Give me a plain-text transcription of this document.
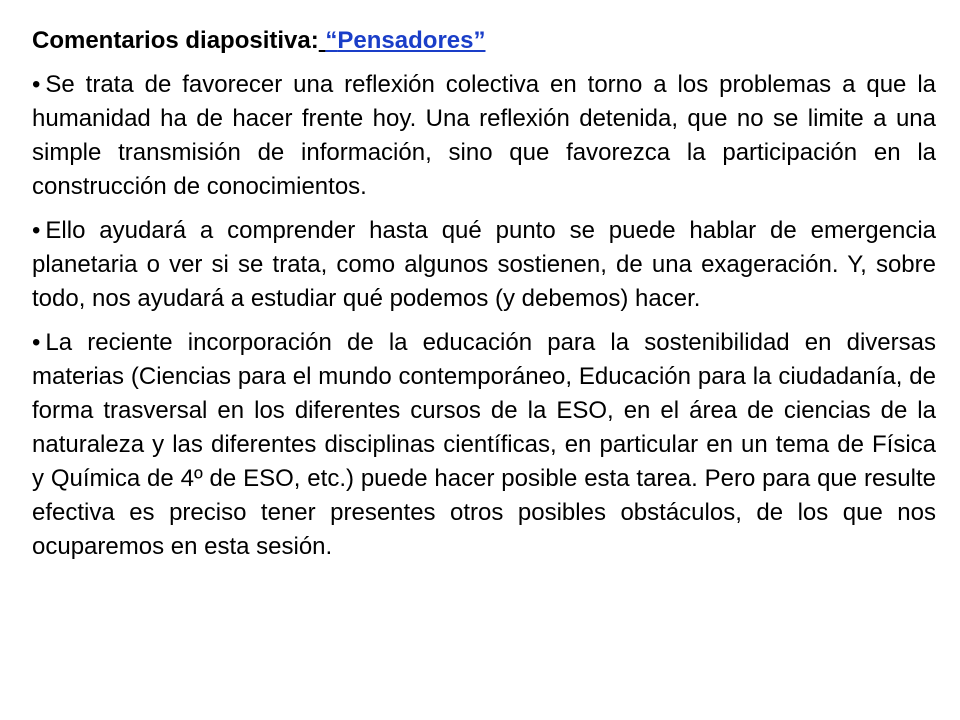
Comentarios diapositiva: “Pensadores”

• Se trata de favorecer una reflexión colectiva en torno a los problemas a que la humanidad ha de hacer frente hoy. Una reflexión detenida, que no se limite a una simple transmisión de información, sino que favorezca la participación en la construcción de conocimientos.

• Ello ayudará a comprender hasta qué punto se puede hablar de emergencia planetaria o ver si se trata, como algunos sostienen, de una exageración. Y, sobre todo, nos ayudará a estudiar qué podemos (y debemos) hacer.

• La reciente incorporación de la educación para la sostenibilidad en diversas materias (Ciencias para el mundo contemporáneo, Educación para la ciudadanía, de forma trasversal en los diferentes cursos de la ESO, en el área de ciencias de la naturaleza y las diferentes disciplinas científicas, en particular en un tema de Física y Química de 4º de ESO, etc.) puede hacer posible esta tarea. Pero para que resulte efectiva es preciso tener presentes otros posibles obstáculos, de los que nos ocuparemos en esta sesión.
